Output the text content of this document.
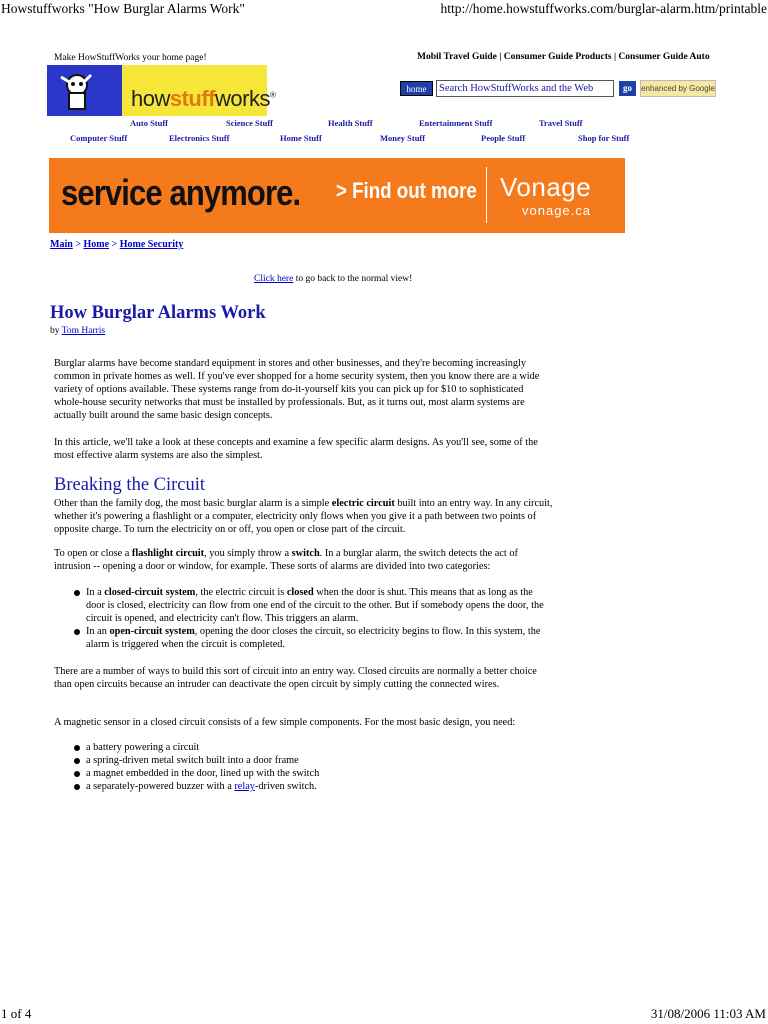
Howstuffworks "How Burglar Alarms Work"	http://home.howstuffworks.com/burglar-alarm.htm/printable
Make HowStuffWorks your home page!	Mobil Travel Guide | Consumer Guide Products | Consumer Guide Auto
howstuffworks®
home	Search HowStuffWorks and the Web	go	enhanced by Google
Auto Stuff	Science Stuff	Health Stuff	Entertainment Stuff	Travel Stuff
Computer Stuff	Electronics Stuff	Home Stuff	Money Stuff	People Stuff	Shop for Stuff
service anymore. > Find out more Vonage
vonage.ca
Main > Home > Home Security
Click here to go back to the normal view!
How Burglar Alarms Work
by Tom Harris

Burglar alarms have become standard equipment in stores and other businesses, and they're becoming increasingly common in private homes as well. If you've ever shopped for a home security system, then you know there are a wide variety of options available. These systems range from do-it-yourself kits you can pick up for $10 to sophisticated whole-house security networks that must be installed by professionals. But, as it turns out, most alarm systems are actually built around the same basic design concepts.

In this article, we'll take a look at these concepts and examine a few specific alarm designs. As you'll see, some of the most effective alarm systems are also the simplest.

Breaking the Circuit

Other than the family dog, the most basic burglar alarm is a simple electric circuit built into an entry way. In any circuit, whether it's powering a flashlight or a computer, electricity only flows when you give it a path between two points of opposite charge. To turn the electricity on or off, you open or close part of the circuit.

To open or close a flashlight circuit, you simply throw a switch. In a burglar alarm, the switch detects the act of intrusion -- opening a door or window, for example. These sorts of alarms are divided into two categories:

In a closed-circuit system, the electric circuit is closed when the door is shut. This means that as long as the door is closed, electricity can flow from one end of the circuit to the other. But if somebody opens the door, the circuit is opened, and electricity can't flow. This triggers an alarm.
In an open-circuit system, opening the door closes the circuit, so electricity begins to flow. In this system, the alarm is triggered when the circuit is completed.

There are a number of ways to build this sort of circuit into an entry way. Closed circuits are normally a better choice than open circuits because an intruder can deactivate the open circuit by simply cutting the connected wires.

A magnetic sensor in a closed circuit consists of a few simple components. For the most basic design, you need:

a battery powering a circuit
a spring-driven metal switch built into a door frame
a magnet embedded in the door, lined up with the switch
a separately-powered buzzer with a relay-driven switch.
1 of 4	31/08/2006 11:03 AM
